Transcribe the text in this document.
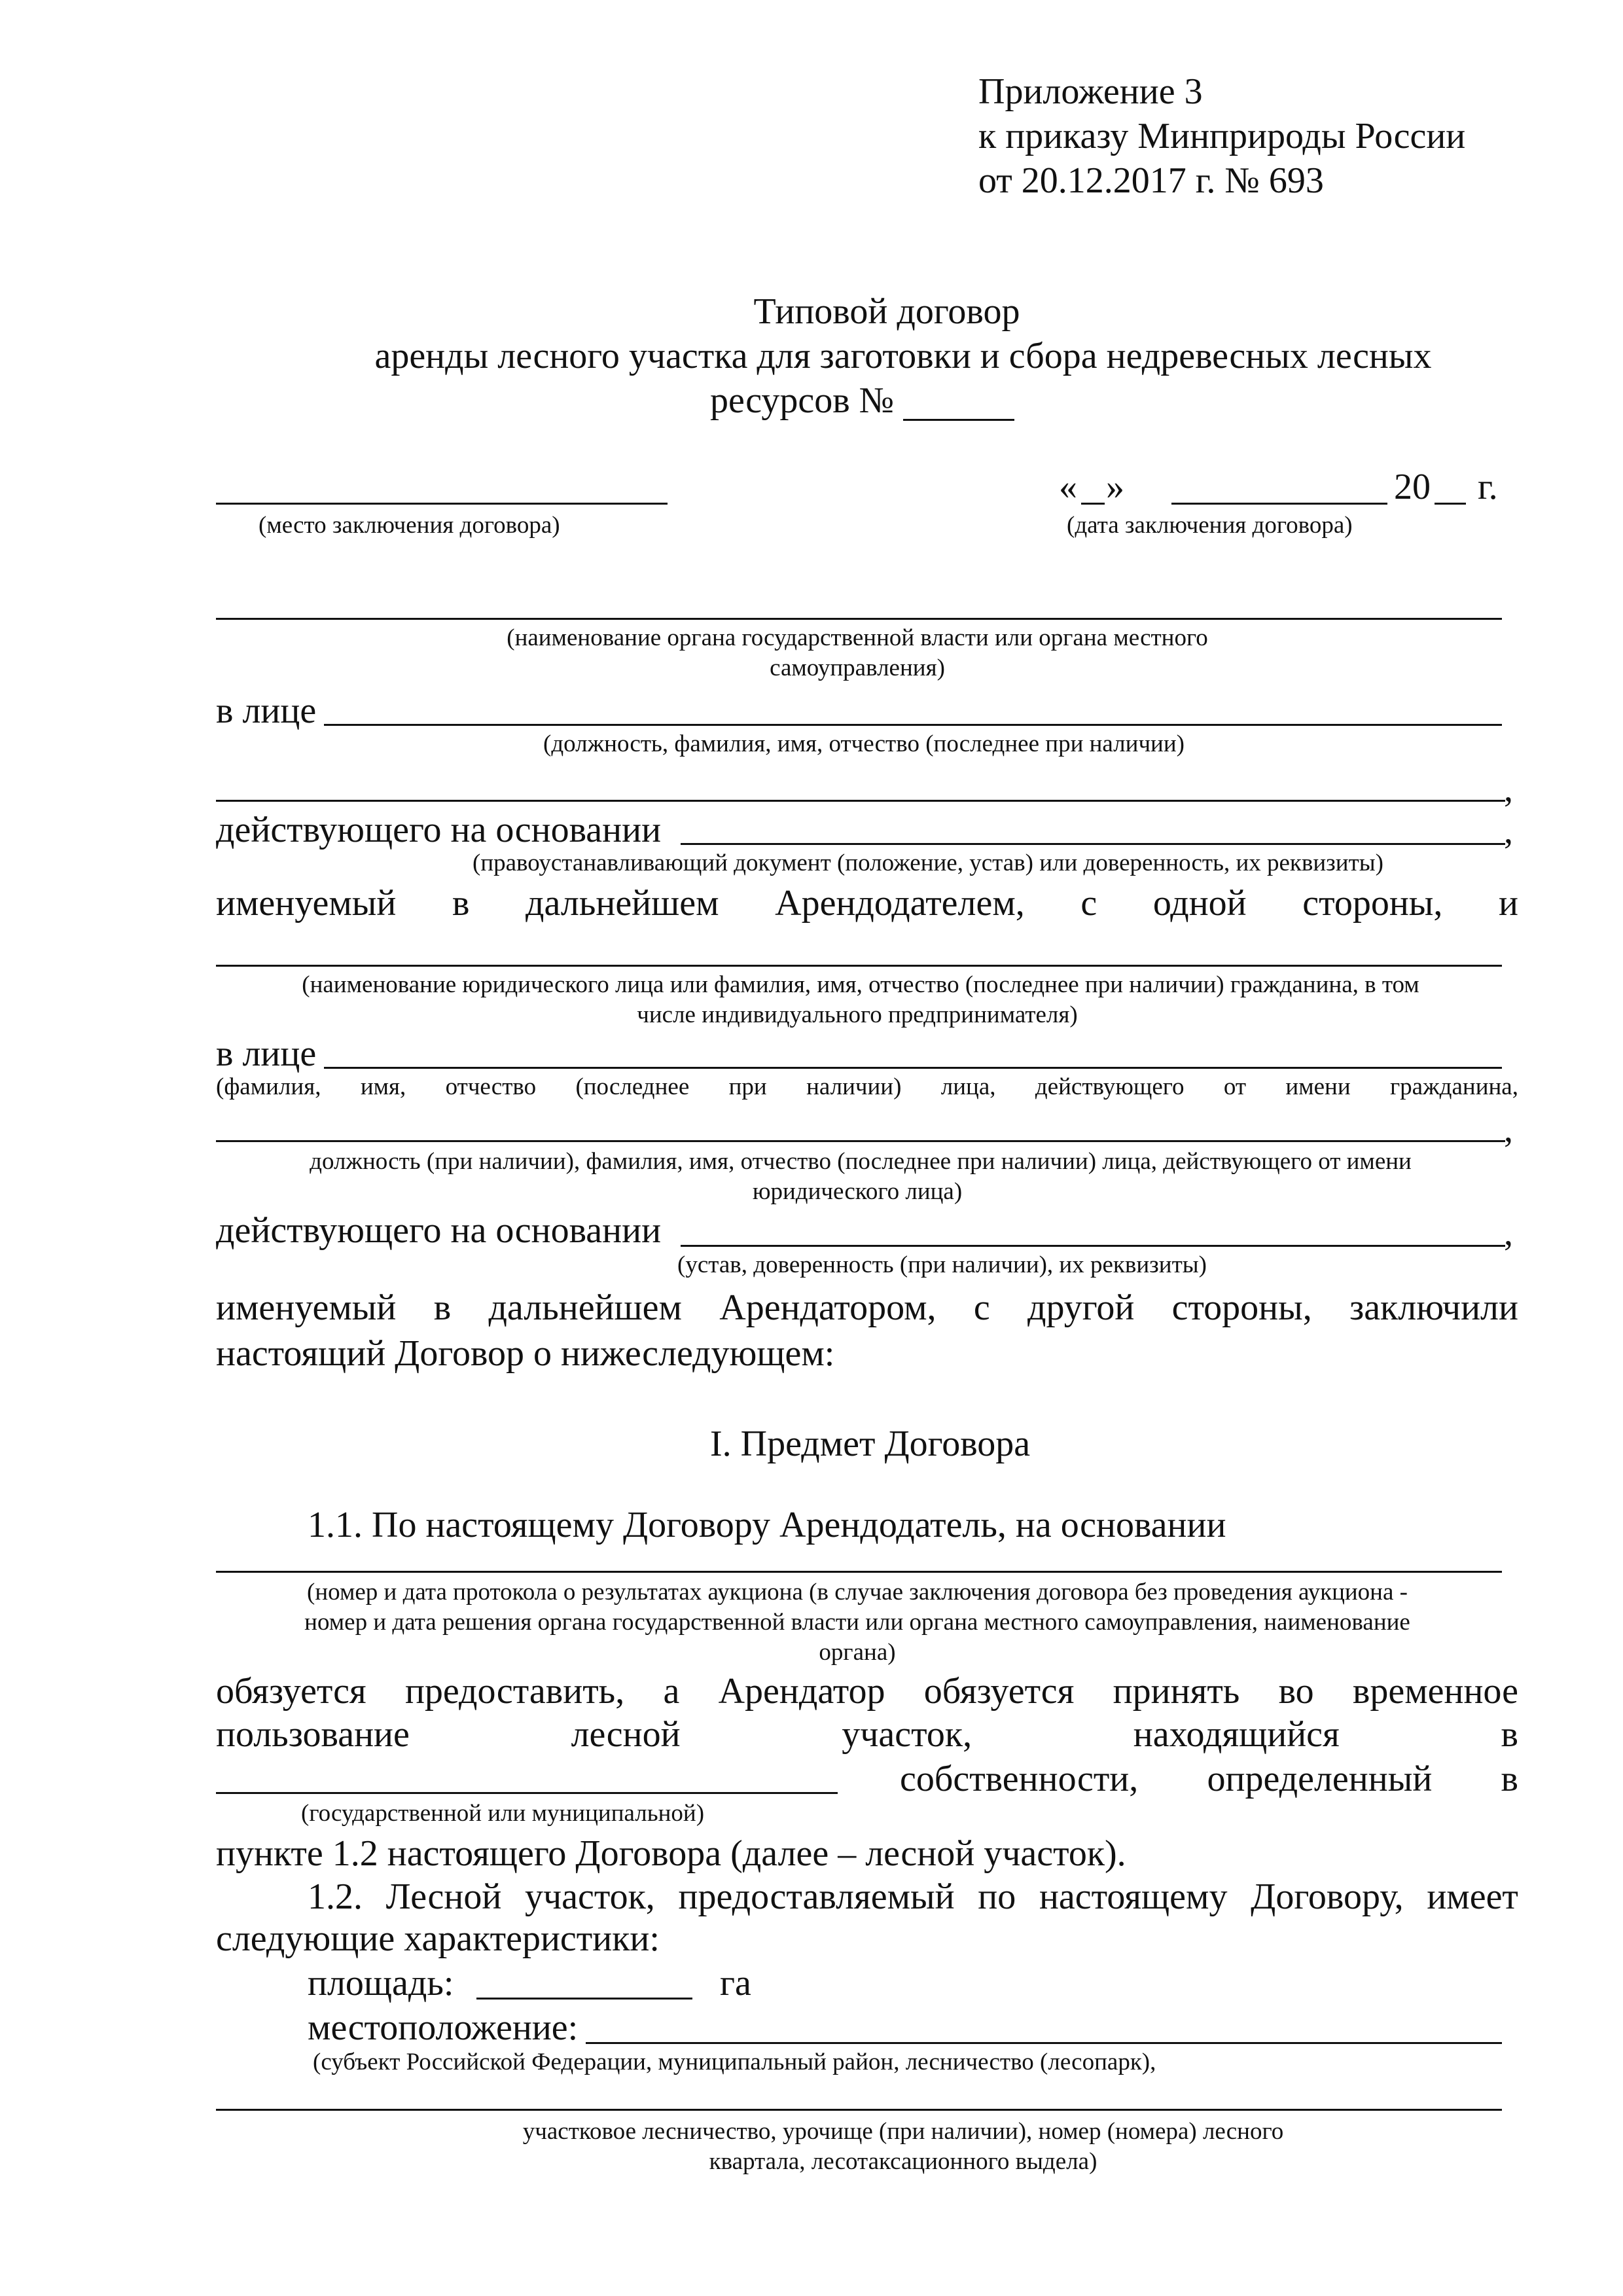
Приложение 3
к приказу Минприроды России
от 20.12.2017 г. № 693
Типовой договор
аренды лесного участка для заготовки и сбора недревесных лесных
ресурсов №
(место заключения договора)
« »	20 г.
(дата заключения договора)
(наименование органа государственной власти или органа местного
самоуправления)
в лице
(должность, фамилия, имя, отчество (последнее при наличии)
,
действующего на основании	,
(правоустанавливающий документ (положение, устав) или доверенность, их реквизиты)
именуемый в дальнейшем Арендодателем, с одной стороны, и
(наименование юридического лица или фамилия, имя, отчество (последнее при наличии) гражданина, в том
числе индивидуального предпринимателя)
в лице
(фамилия, имя, отчество (последнее при наличии) лица, действующего от имени гражданина,
,
должность (при наличии), фамилия, имя, отчество (последнее при наличии) лица, действующего от имени
юридического лица)
действующего на основании	,
(устав, доверенность (при наличии), их реквизиты)
именуемый в дальнейшем Арендатором, с другой стороны, заключили
настоящий Договор о нижеследующем:
I. Предмет Договора
1.1. По настоящему Договору Арендодатель, на основании
(номер и дата протокола о результатах аукциона (в случае заключения договора без проведения аукциона -
номер и дата решения органа государственной власти или органа местного самоуправления, наименование
органа)
обязуется предоставить, а Арендатор обязуется принять во временное
пользование	лесной	участок,	находящийся	в
собственности, определенный в
(государственной или муниципальной)
пункте 1.2 настоящего Договора (далее – лесной участок).
1.2. Лесной участок, предоставляемый по настоящему Договору, имеет
следующие характеристики:
площадь:	га
местоположение:
(субъект Российской Федерации, муниципальный район, лесничество (лесопарк),
участковое лесничество, урочище (при наличии), номер (номера) лесного
квартала, лесотаксационного выдела)
